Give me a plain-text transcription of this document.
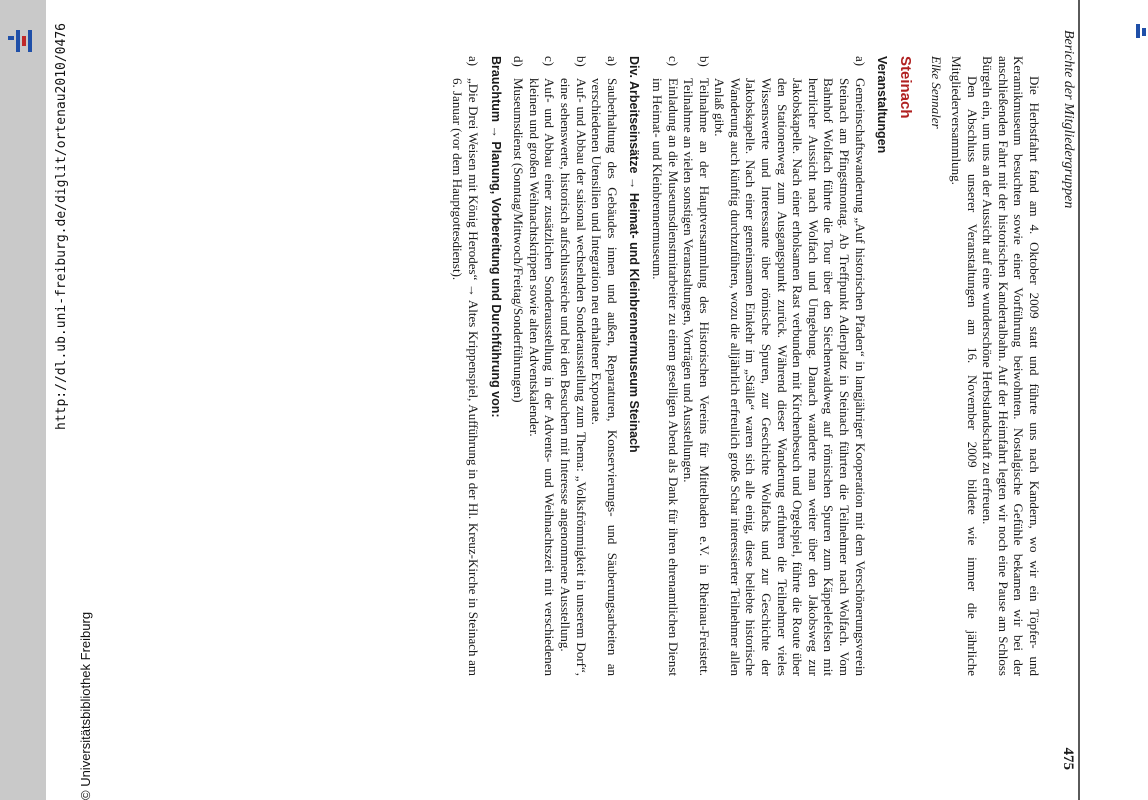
http://dl.ub.uni-freiburg.de/diglit/ortenau2010/0476
© Universitätsbibliothek Freiburg
Berichte der Mitgliedergruppen
475

Die Herbstfahrt fand am 4. Oktober 2009 statt und führte uns nach Kandern, wo wir ein Töpfer- und Keramikmuseum besuchten sowie einer Vorführung beiwohnten. Nostalgische Gefühle bekamen wir bei der anschließenden Fahrt mit der historischen Kandertalbahn. Auf der Heimfahrt legten wir noch eine Pause am Schloss Bürgeln ein, um uns an der Aussicht auf eine wunderschöne Herbstlandschaft zu erfreuen.

Den Abschluss unserer Veranstaltungen am 16. November 2009 bildete wie immer die jährliche Mitgliederversammlung.

Elke Sennaler

Steinach

Veranstaltungen

a)
Gemeinschaftswanderung „Auf historischen Pfaden“ in langjähriger Kooperation mit dem Verschönerungsverein Steinach am Pfingstmontag. Ab Treffpunkt Adlerplatz in Steinach führten die Teilnehmer nach Wolfach. Vom Bahnhof Wolfach führte die Tour über den Siechenwaldweg auf römischen Spuren zum Käppelefelsen mit herrlicher Aussicht nach Wolfach und Umgebung. Danach wanderte man weiter über den Jakobsweg zur Jakobskapelle. Nach einer erholsamen Rast verbunden mit Kirchenbesuch und Orgelspiel, führte die Route über den Stationenweg zum Ausgangspunkt zurück. Während dieser Wanderung erfuhren die Teilnehmer vieles Wissenswerte und Interessante über römische Spuren, zur Geschichte Wolfachs und zur Geschichte der Jakobskapelle. Nach einer gemeinsamen Einkehr im „Ställe“ waren sich alle einig, diese beliebte historische Wanderung auch künftig durchzuführen, wozu die alljährlich erfreulich große Schar interessierter Teilnehmer allen Anlaß gibt.
b)
Teilnahme an der Hauptversammlung des Historischen Vereins für Mittelbaden e.V. in Rheinau-Freistett. Teilnahme an vielen sonstigen Veranstaltungen, Vorträgen und Ausstellungen.
c)
Einladung an die Museumsdienstmitarbeiter zu einem geselligen Abend als Dank für ihren ehrenamtlichen Dienst im Heimat- und Kleinbrennermuseum.

Div. Arbeitseinsätze → Heimat- und Kleinbrennermuseum Steinach

a)
Sauberhaltung des Gebäudes innen und außen, Reparaturen, Konservierungs- und Säuberungsarbeiten an verschiedenen Utensilien und Integration neu erhaltener Exponate.
b)
Auf- und Abbau der saisonal wechselnden Sonderausstellung zum Thema: „Volksfrömmigkeit in unserem Dorf“, eine sehenswerte, historisch aufschlussreiche und bei den Besuchern mit Interesse angenommene Ausstellung.
c)
Auf- und Abbau einer zusätzlichen Sonderausstellung in der Advents- und Weihnachtszeit mit verschiedenen kleinen und großen Weihnachtskrippen sowie alten Adventskalender.
d)
Museumsdienst (Sonntag/Mittwoch/Freitag/Sonderführungen)

Brauchtum → Planung, Vorbereitung und Durchführung von:

a)
„Die Drei Weisen mit König Herodes“ → Altes Krippenspiel, Aufführung in der Hl. Kreuz-Kirche in Steinach am 6. Januar (vor dem Hauptgottesdienst).
